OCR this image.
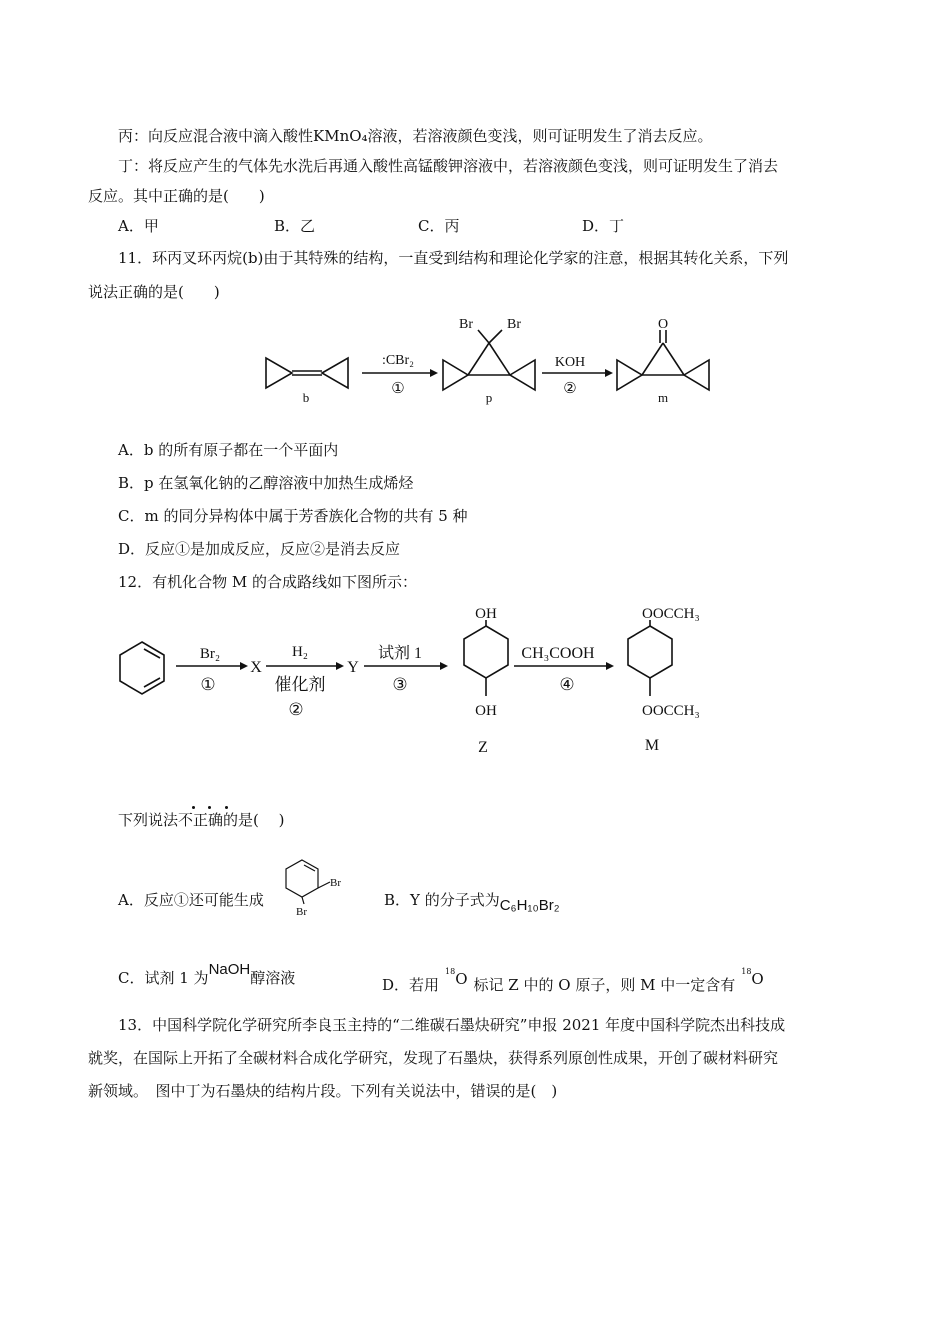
丙：向反应混合液中滴入酸性KMnO₄溶液，若溶液颜色变浅，则可证明发生了消去反应。
丁：将反应产生的气体先水洗后再通入酸性高锰酸钾溶液中，若溶液颜色变浅，则可证明发生了消去
反应。其中正确的是(　　)
A．甲	B．乙	C．丙	D．丁
11．环丙叉环丙烷(b)由于其特殊的结构，一直受到结构和理论化学家的注意，根据其转化关系，下列
说法正确的是(　　)
b
:CBr₂
①
Br Br
p
KOH
②
O
m
A．b 的所有原子都在一个平面内
B．p 在氢氧化钠的乙醇溶液中加热生成烯烃
C．m 的同分异构体中属于芳香族化合物的共有 5 种
D．反应①是加成反应，反应②是消去反应
12．有机化合物 M 的合成路线如下图所示：
Br₂
①
X
H₂
催化剂
②
Y
试剂 1
③
OH
OH
Z
CH₃COOH
④
OOCCH₃
OOCCH₃
M
下列说法不正确的是(　 )
A．反应①还可能生成
Br
Br
B．Y 的分子式为C₆H₁₀Br₂
C．试剂 1 为NaOH醇溶液	D．若用$^{18}$O 标记 Z 中的 O 原子，则 M 中一定含有$^{18}$O
13．中国科学院化学研究所李良玉主持的“二维碳石墨炔研究”申报 2021 年度中国科学院杰出科技成
就奖，在国际上开拓了全碳材料合成化学研究，发现了石墨炔，获得系列原创性成果，开创了碳材料研究
新领域。　图中丁为石墨炔的结构片段。下列有关说法中，错误的是(　)
